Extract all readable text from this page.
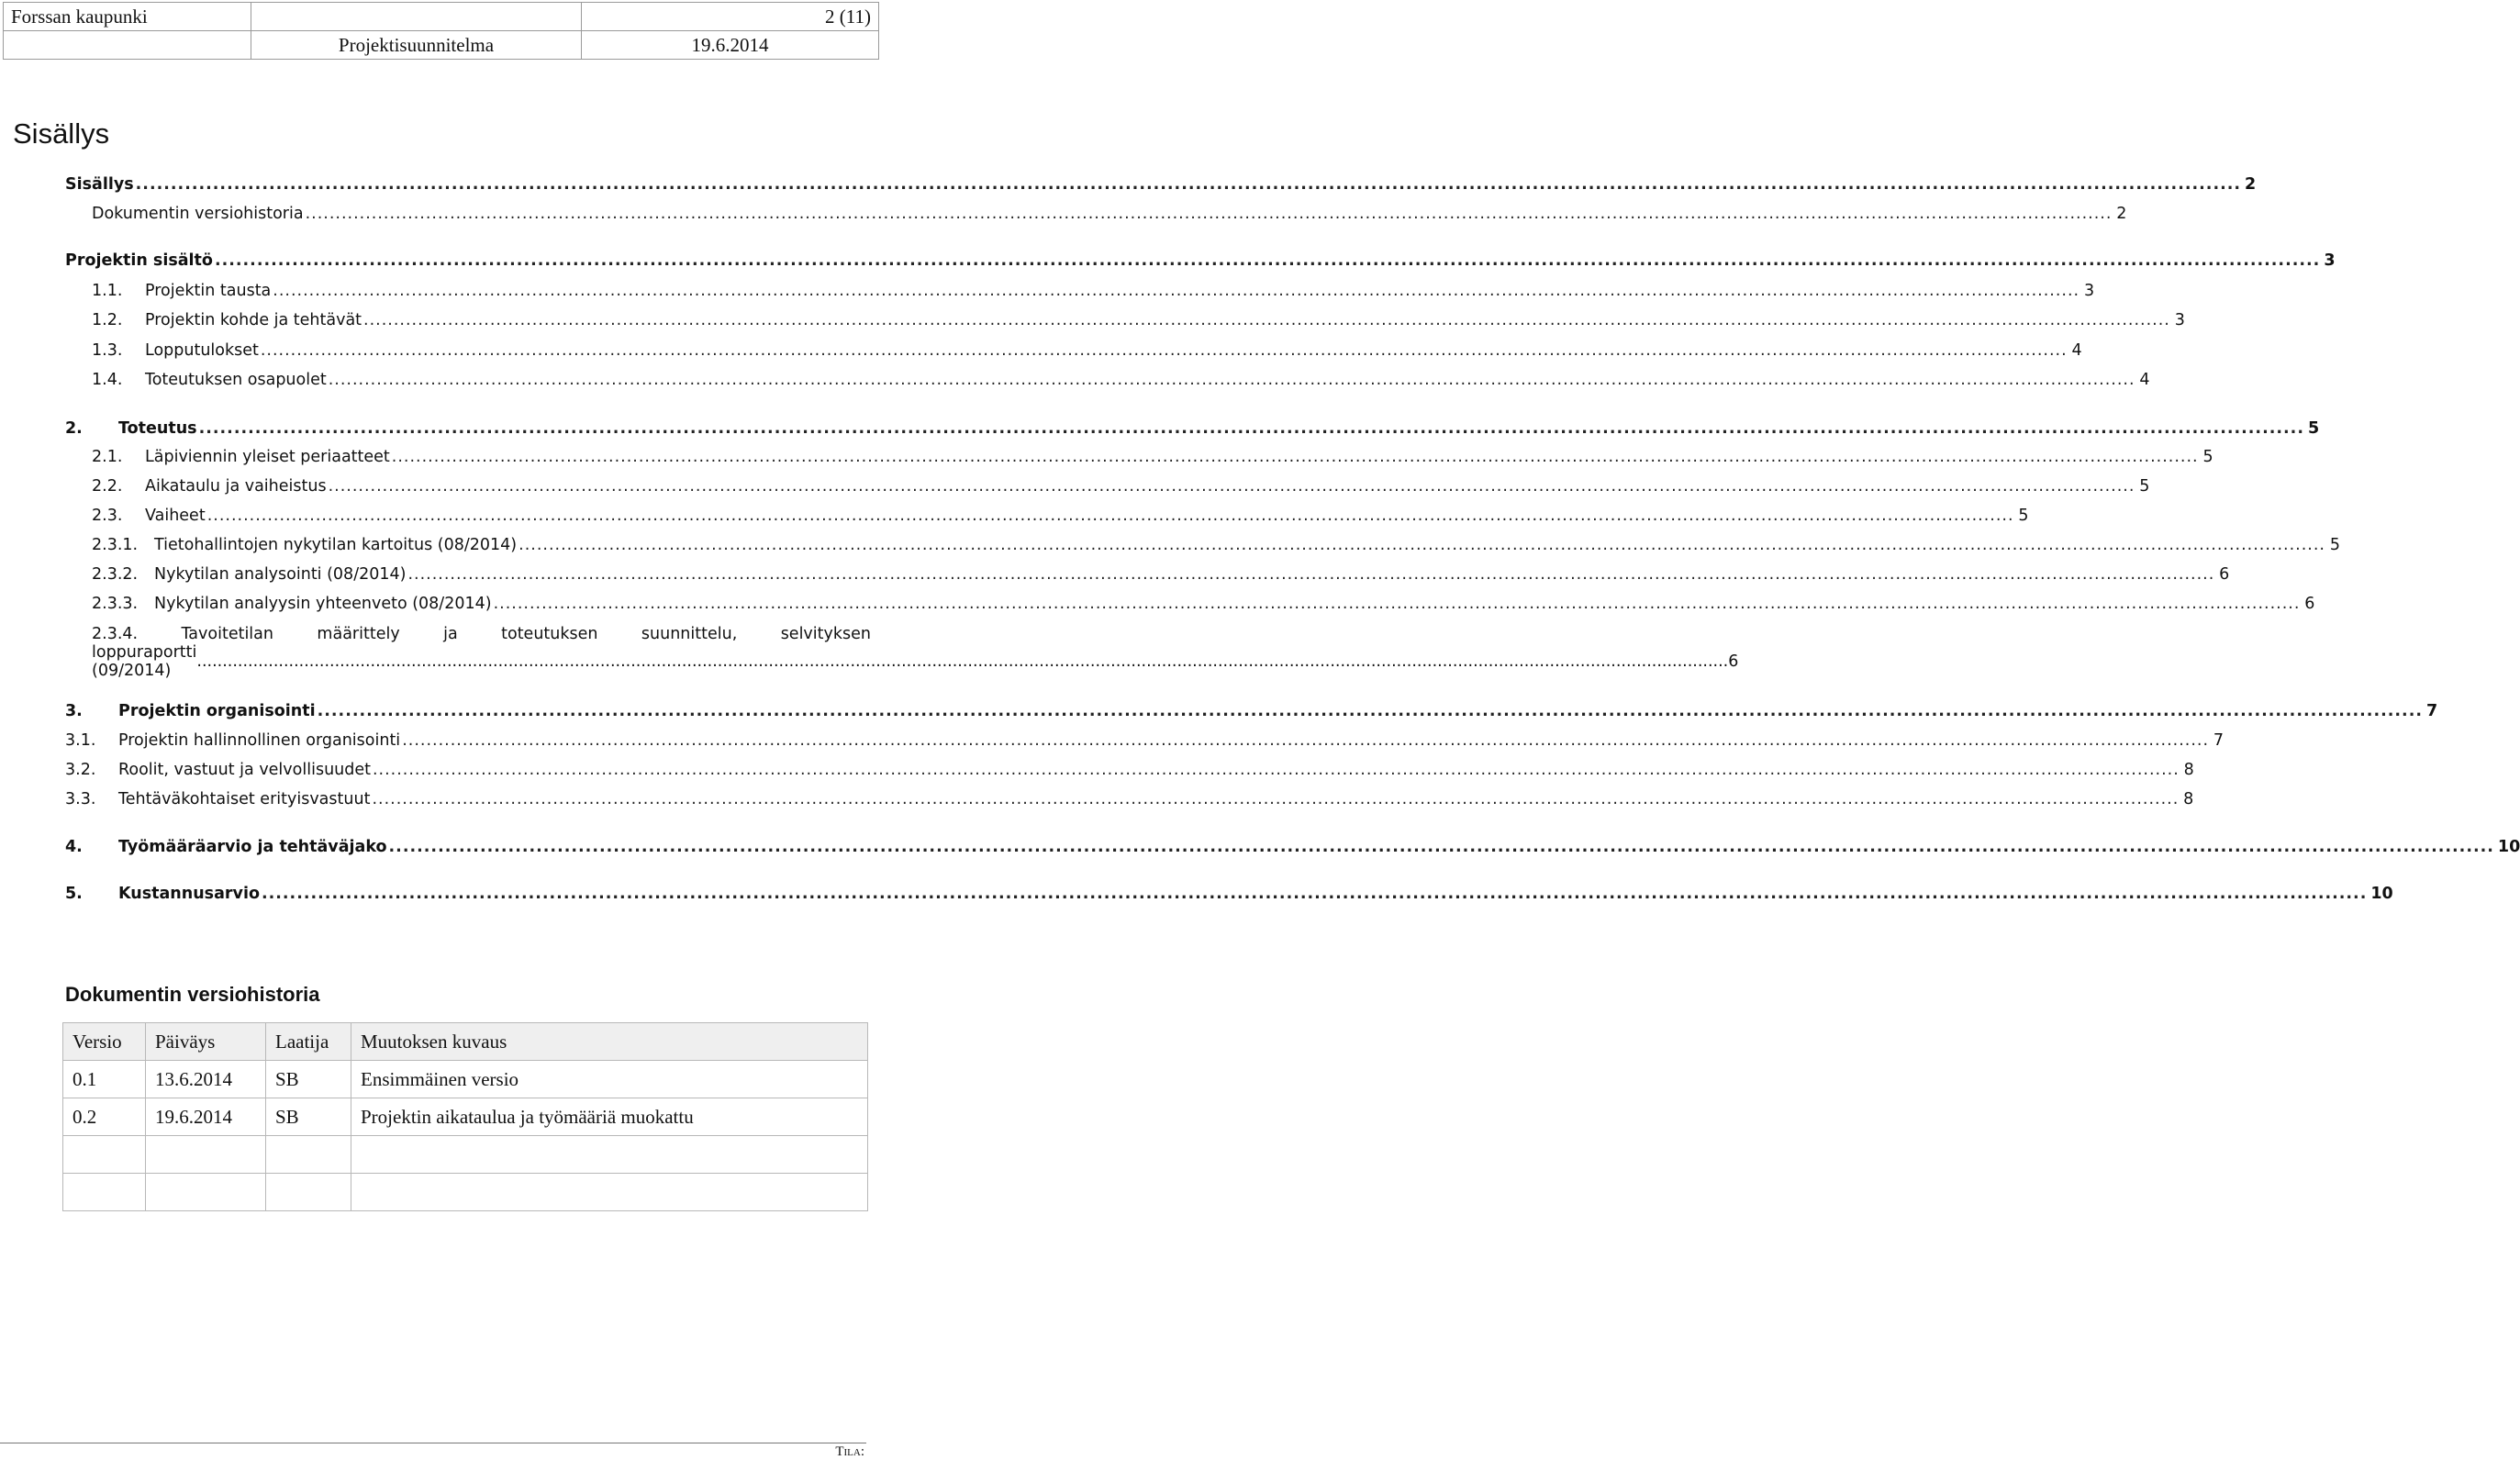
Forssan kaupunki		2 (11)
	Projektisuunnitelma	19.6.2014
Sisällys
Sisällys ............................................................................................................................................................................................................................................................................................................ 2
Dokumentin versiohistoria ............................................................................................................................................................................................................................................................................................................ 2
Projektin sisältö ............................................................................................................................................................................................................................................................................................................ 3
1.1.	Projektin tausta ............................................................................................................................................................................................................................................................................................................ 3
1.2.	Projektin kohde ja tehtävät ............................................................................................................................................................................................................................................................................................................ 3
1.3.	Lopputulokset ............................................................................................................................................................................................................................................................................................................ 4
1.4.	Toteutuksen osapuolet ............................................................................................................................................................................................................................................................................................................ 4
2.	Toteutus ............................................................................................................................................................................................................................................................................................................ 5
2.1.	Läpiviennin yleiset periaatteet ............................................................................................................................................................................................................................................................................................................ 5
2.2.	Aikataulu ja vaiheistus ............................................................................................................................................................................................................................................................................................................ 5
2.3.	Vaiheet ............................................................................................................................................................................................................................................................................................................ 5
2.3.1.	Tietohallintojen nykytilan kartoitus (08/2014) ............................................................................................................................................................................................................................................................................................................ 5
2.3.2.	Nykytilan analysointi (08/2014) ............................................................................................................................................................................................................................................................................................................ 6
2.3.3.	Nykytilan analyysin yhteenveto (08/2014) ............................................................................................................................................................................................................................................................................................................ 6
2.3.4.	Tavoitetilan	määrittely	ja	toteutuksen	suunnittelu,	selvityksen
loppuraportti (09/2014)	............................................................................................................................................................................................................................................................................................................ 6
3.	Projektin organisointi ............................................................................................................................................................................................................................................................................................................ 7
3.1.	Projektin hallinnollinen organisointi ............................................................................................................................................................................................................................................................................................................ 7
3.2.	Roolit, vastuut ja velvollisuudet ............................................................................................................................................................................................................................................................................................................ 8
3.3.	Tehtäväkohtaiset erityisvastuut ............................................................................................................................................................................................................................................................................................................ 8
4.	Työmääräarvio ja tehtäväjako ............................................................................................................................................................................................................................................................................................................ 10
5.	Kustannusarvio ............................................................................................................................................................................................................................................................................................................ 10
Dokumentin versiohistoria
Versio	Päiväys	Laatija	Muutoksen kuvaus
0.1	13.6.2014	SB	Ensimmäinen versio
0.2	19.6.2014	SB	Projektin aikataulua ja työmääriä muokattu

Tila:
